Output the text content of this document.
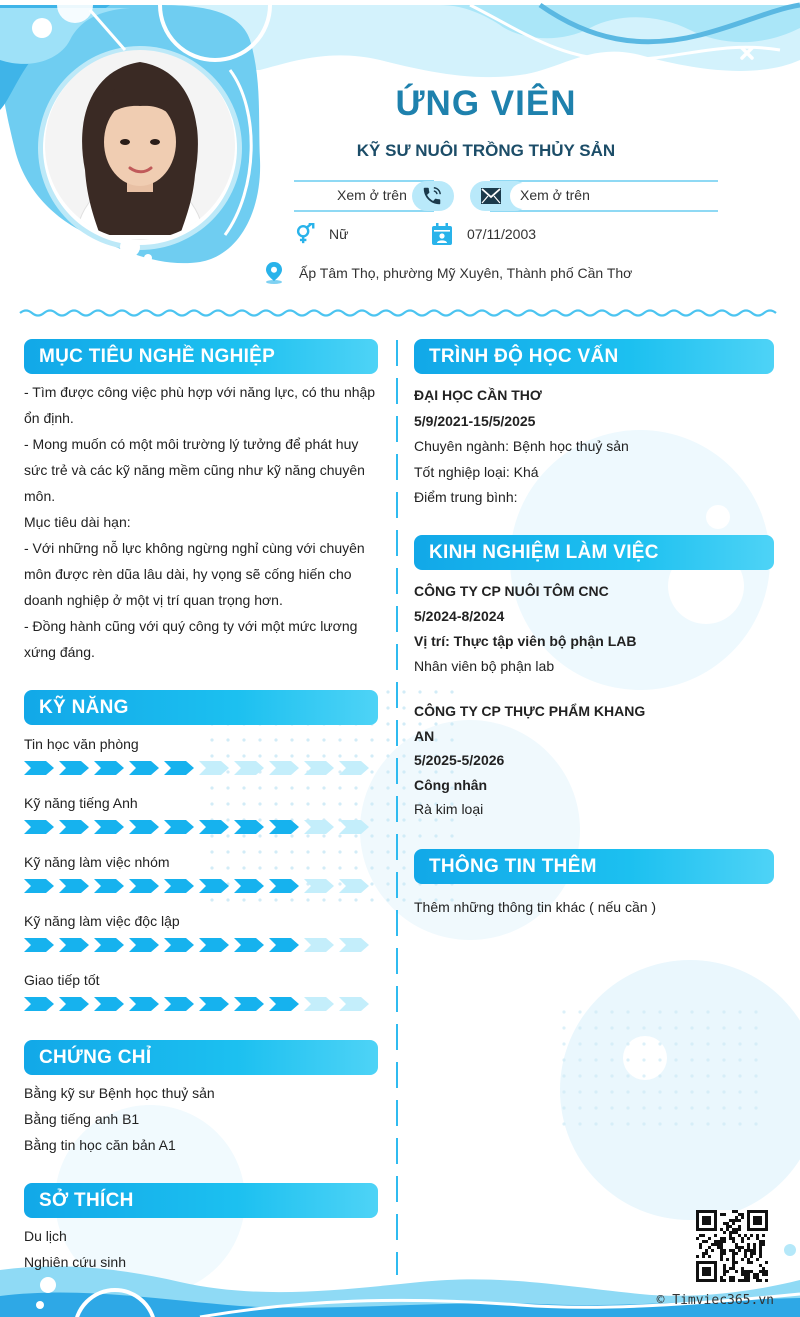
ỨNG VIÊN
KỸ SƯ NUÔI TRỒNG THỦY SẢN
Xem ở trên	Xem ở trên
Nữ	07/11/2003
Ấp Tâm Thọ, phường Mỹ Xuyên, Thành phố Cần Thơ
MỤC TIÊU NGHỀ NGHIỆP
- Tìm được công việc phù hợp với năng lực, có thu nhập
ổn định.
- Mong muốn có một môi trường lý tưởng để phát huy
sức trẻ và các kỹ năng mềm cũng như kỹ năng chuyên
môn.
Mục tiêu dài hạn:
- Với những nỗ lực không ngừng nghỉ cùng với chuyên
môn được rèn dũa lâu dài, hy vọng sẽ cống hiến cho
doanh nghiệp ở một vị trí quan trọng hơn.
- Đồng hành cũng với quý công ty với một mức lương
xứng đáng.
KỸ NĂNG
Tin học văn phòng
Kỹ năng tiếng Anh
Kỹ năng làm việc nhóm
Kỹ năng làm việc độc lập
Giao tiếp tốt
CHỨNG CHỈ
Bằng kỹ sư Bệnh học thuỷ sản
Bằng tiếng anh B1
Bằng tin học căn bản A1
SỞ THÍCH
Du lịch
Nghiên cứu sinh
TRÌNH ĐỘ HỌC VẤN
ĐẠI HỌC CẦN THƠ
5/9/2021-15/5/2025
Chuyên ngành: Bệnh học thuỷ sản
Tốt nghiệp loại: Khá
Điểm trung bình:
KINH NGHIỆM LÀM VIỆC
CÔNG TY CP NUÔI TÔM CNC
5/2024-8/2024
Vị trí: Thực tập viên bộ phận LAB
Nhân viên bộ phận lab
CÔNG TY CP THỰC PHẨM KHANG
AN
5/2025-5/2026
Công nhân
Rà kim loại
THÔNG TIN THÊM
Thêm những thông tin khác ( nếu cần )
© Timviec365.vn
